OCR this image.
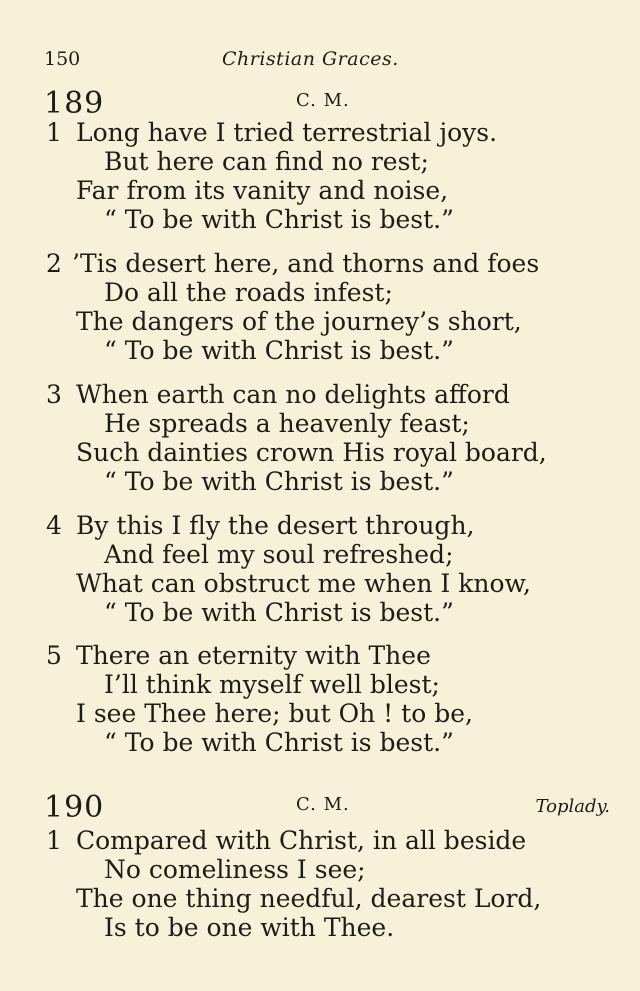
150	Christian Graces.
189	C. M.
1 Long have I tried terrestrial joys.
But here can find no rest;
Far from its vanity and noise,
“ To be with Christ is best.”
2 ’Tis desert here, and thorns and foes
Do all the roads infest;
The dangers of the journey’s short,
“ To be with Christ is best.”
3 When earth can no delights afford
He spreads a heavenly feast;
Such dainties crown His royal board,
“ To be with Christ is best.”
4 By this I fly the desert through,
And feel my soul refreshed;
What can obstruct me when I know,
“ To be with Christ is best.”
5 There an eternity with Thee
I’ll think myself well blest;
I see Thee here; but Oh ! to be,
“ To be with Christ is best.”
190	C. M.	Toplady.
1 Compared with Christ, in all beside
No comeliness I see;
The one thing needful, dearest Lord,
Is to be one with Thee.
